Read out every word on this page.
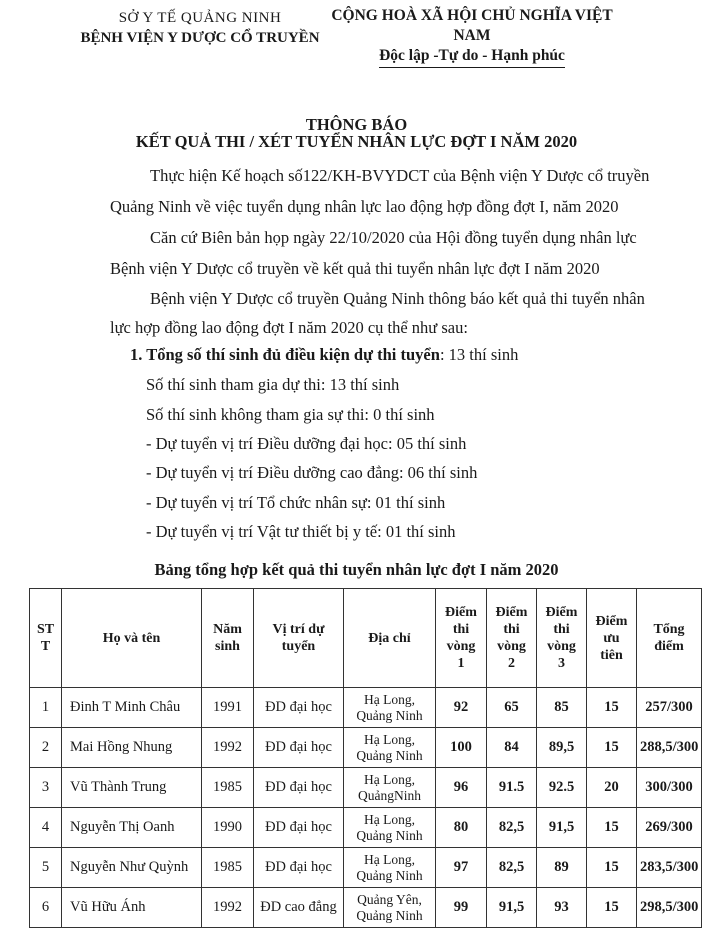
SỞ Y TẾ QUẢNG NINH
BỆNH VIỆN Y DƯỢC CỔ TRUYỀN
CỘNG HOÀ XÃ HỘI CHỦ NGHĨA VIỆT NAM
Độc lập -Tự do - Hạnh phúc
THÔNG BÁO
KẾT QUẢ THI / XÉT TUYỂN NHÂN LỰC ĐỢT I NĂM 2020
Thực hiện Kế hoạch số122/KH-BVYDCT của Bệnh viện Y Dược cổ truyền
Quảng Ninh về việc tuyển dụng nhân lực lao động hợp đồng đợt I, năm 2020
Căn cứ Biên bản họp ngày 22/10/2020 của Hội đồng tuyển dụng nhân lực
Bệnh viện Y Dược cổ truyền về kết quả thi tuyển nhân lực đợt I năm 2020
Bệnh viện Y Dược cổ truyền Quảng Ninh thông báo kết quả thi tuyển nhân
lực hợp đồng lao động đợt I năm 2020 cụ thể như sau:
1. Tổng số thí sinh đủ điều kiện dự thi tuyển: 13 thí sinh
Số thí sinh tham gia dự thi: 13 thí sinh
Số thí sinh không tham gia sự thi: 0 thí sinh
- Dự tuyển vị trí Điều dưỡng đại học: 05 thí sinh
- Dự tuyển vị trí Điều dưỡng cao đẳng: 06 thí sinh
- Dự tuyển vị trí Tổ chức nhân sự: 01 thí sinh
- Dự tuyển vị trí Vật tư thiết bị y tế: 01 thí sinh
Bảng tổng hợp kết quả thi tuyển nhân lực đợt I năm 2020
ST
T	Họ và tên	Năm
sinh	Vị trí dự
tuyển	Địa chỉ	Điểm
thi
vòng
1	Điểm
thi
vòng
2	Điểm
thi
vòng
3	Điểm
ưu
tiên	Tổng
điểm
1	Đinh T Minh Châu	1991	ĐD đại học	Hạ Long,
Quảng Ninh	92	65	85	15	257/300
2	Mai Hồng Nhung	1992	ĐD đại học	Hạ Long,
Quảng Ninh	100	84	89,5	15	288,5/300
3	Vũ Thành Trung	1985	ĐD đại học	Hạ Long,
QuảngNinh	96	91.5	92.5	20	300/300
4	Nguyễn Thị Oanh	1990	ĐD đại học	Hạ Long,
Quảng Ninh	80	82,5	91,5	15	269/300
5	Nguyễn Như Quỳnh	1985	ĐD đại học	Hạ Long,
Quảng Ninh	97	82,5	89	15	283,5/300
6	Vũ Hữu Ánh	1992	ĐD cao đẳng	Quảng Yên,
Quảng Ninh	99	91,5	93	15	298,5/300
